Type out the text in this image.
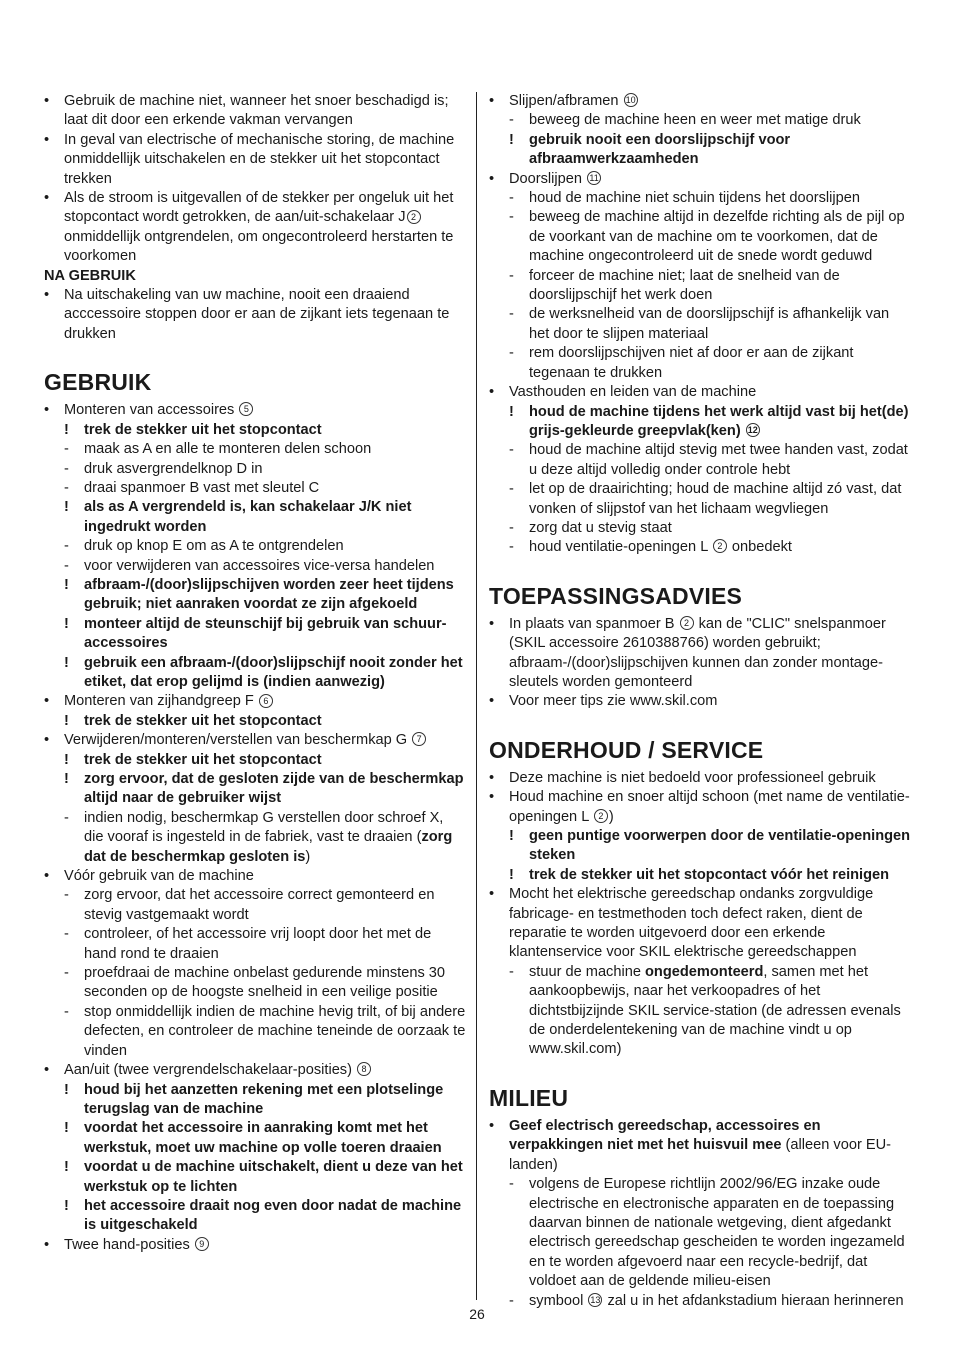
•	Gebruik de machine niet, wanneer het snoer beschadigd is; laat dit door een erkende vakman vervangen
•	In geval van electrische of mechanische storing, de machine onmiddellijk uitschakelen en de stekker uit het stopcontact trekken
•	Als de stroom is uitgevallen of de stekker per ongeluk uit het stopcontact wordt getrokken, de aan/uit-schakelaar J 2 onmiddellijk ontgrendelen, om ongecontroleerd herstarten te voorkomen
NA GEBRUIK
•	Na uitschakeling van uw machine, nooit een draaiend acccessoire stoppen door er aan de zijkant iets tegenaan te drukken
GEBRUIK
•	Monteren van accessoires 5
!	trek de stekker uit het stopcontact
-	maak as A en alle te monteren delen schoon
-	druk asvergrendelknop D in
-	draai spanmoer B vast met sleutel C
!	als as A vergrendeld is, kan schakelaar J/K niet ingedrukt worden
-	druk op knop E om as A te ontgrendelen
-	voor verwijderen van accessoires vice-versa handelen
!	afbraam-/(door)slijpschijven worden zeer heet tijdens gebruik; niet aanraken voordat ze zijn afgekoeld
!	monteer altijd de steunschijf bij gebruik van schuur-accessoires
!	gebruik een afbraam-/(door)slijpschijf nooit zonder het etiket, dat erop gelijmd is (indien aanwezig)
•	Monteren van zijhandgreep F 6
!	trek de stekker uit het stopcontact
•	Verwijderen/monteren/verstellen van beschermkap G 7
!	trek de stekker uit het stopcontact
!	zorg ervoor, dat de gesloten zijde van de beschermkap altijd naar de gebruiker wijst
-	indien nodig, beschermkap G verstellen door schroef X, die vooraf is ingesteld in de fabriek, vast te draaien (zorg dat de beschermkap gesloten is)
•	Vóór gebruik van de machine
-	zorg ervoor, dat het accessoire correct gemonteerd en stevig vastgemaakt wordt
-	controleer, of het accessoire vrij loopt door het met de hand rond te draaien
-	proefdraai de machine onbelast gedurende minstens 30 seconden op de hoogste snelheid in een veilige positie
-	stop onmiddellijk indien de machine hevig trilt, of bij andere defecten, en controleer de machine teneinde de oorzaak te vinden
•	Aan/uit (twee vergrendelschakelaar-posities) 8
!	houd bij het aanzetten rekening met een plotselinge terugslag van de machine
!	voordat het accessoire in aanraking komt met het werkstuk, moet uw machine op volle toeren draaien
!	voordat u de machine uitschakelt, dient u deze van het werkstuk op te lichten
!	het accessoire draait nog even door nadat de machine is uitgeschakeld
•	Twee hand-posities 9
•	Slijpen/afbramen 10
-	beweeg de machine heen en weer met matige druk
!	gebruik nooit een doorslijpschijf voor afbraamwerkzaamheden
•	Doorslijpen 11
-	houd de machine niet schuin tijdens het doorslijpen
-	beweeg de machine altijd in dezelfde richting als de pijl op de voorkant van de machine om te voorkomen, dat de machine ongecontroleerd uit de snede wordt geduwd
-	forceer de machine niet; laat de snelheid van de doorslijpschijf het werk doen
-	de werksnelheid van de doorslijpschijf is afhankelijk van het door te slijpen materiaal
-	rem doorslijpschijven niet af door er aan de zijkant tegenaan te drukken
•	Vasthouden en leiden van de machine
!	houd de machine tijdens het werk altijd vast bij het(de) grijs-gekleurde greepvlak(ken) 12
-	houd de machine altijd stevig met twee handen vast, zodat u deze altijd volledig onder controle hebt
-	let op de draairichting; houd de machine altijd zó vast, dat vonken of slijpstof van het lichaam wegvliegen
-	zorg dat u stevig staat
-	houd ventilatie-openingen L 2 onbedekt
TOEPASSINGSADVIES
•	In plaats van spanmoer B 2 kan de "CLIC" snelspanmoer (SKIL accessoire 2610388766) worden gebruikt; afbraam-/(door)slijpschijven kunnen dan zonder montage-sleutels worden gemonteerd
•	Voor meer tips zie www.skil.com
ONDERHOUD / SERVICE
•	Deze machine is niet bedoeld voor professioneel gebruik
•	Houd machine en snoer altijd schoon (met name de ventilatie-openingen L 2 )
!	geen puntige voorwerpen door de ventilatie-openingen steken
!	trek de stekker uit het stopcontact vóór het reinigen
•	Mocht het elektrische gereedschap ondanks zorgvuldige fabricage- en testmethoden toch defect raken, dient de reparatie te worden uitgevoerd door een erkende klantenservice voor SKIL elektrische gereedschappen
-	stuur de machine ongedemonteerd, samen met het aankoopbewijs, naar het verkoopadres of het dichtstbijzijnde SKIL service-station (de adressen evenals de onderdelentekening van de machine vindt u op www.skil.com)
MILIEU
•	Geef electrisch gereedschap, accessoires en verpakkingen niet met het huisvuil mee (alleen voor EU-landen)
-	volgens de Europese richtlijn 2002/96/EG inzake oude electrische en electronische apparaten en de toepassing daarvan binnen de nationale wetgeving, dient afgedankt electrisch gereedschap gescheiden te worden ingezameld en te worden afgevoerd naar een recycle-bedrijf, dat voldoet aan de geldende milieu-eisen
-	symbool 13 zal u in het afdankstadium hieraan herinneren
26
